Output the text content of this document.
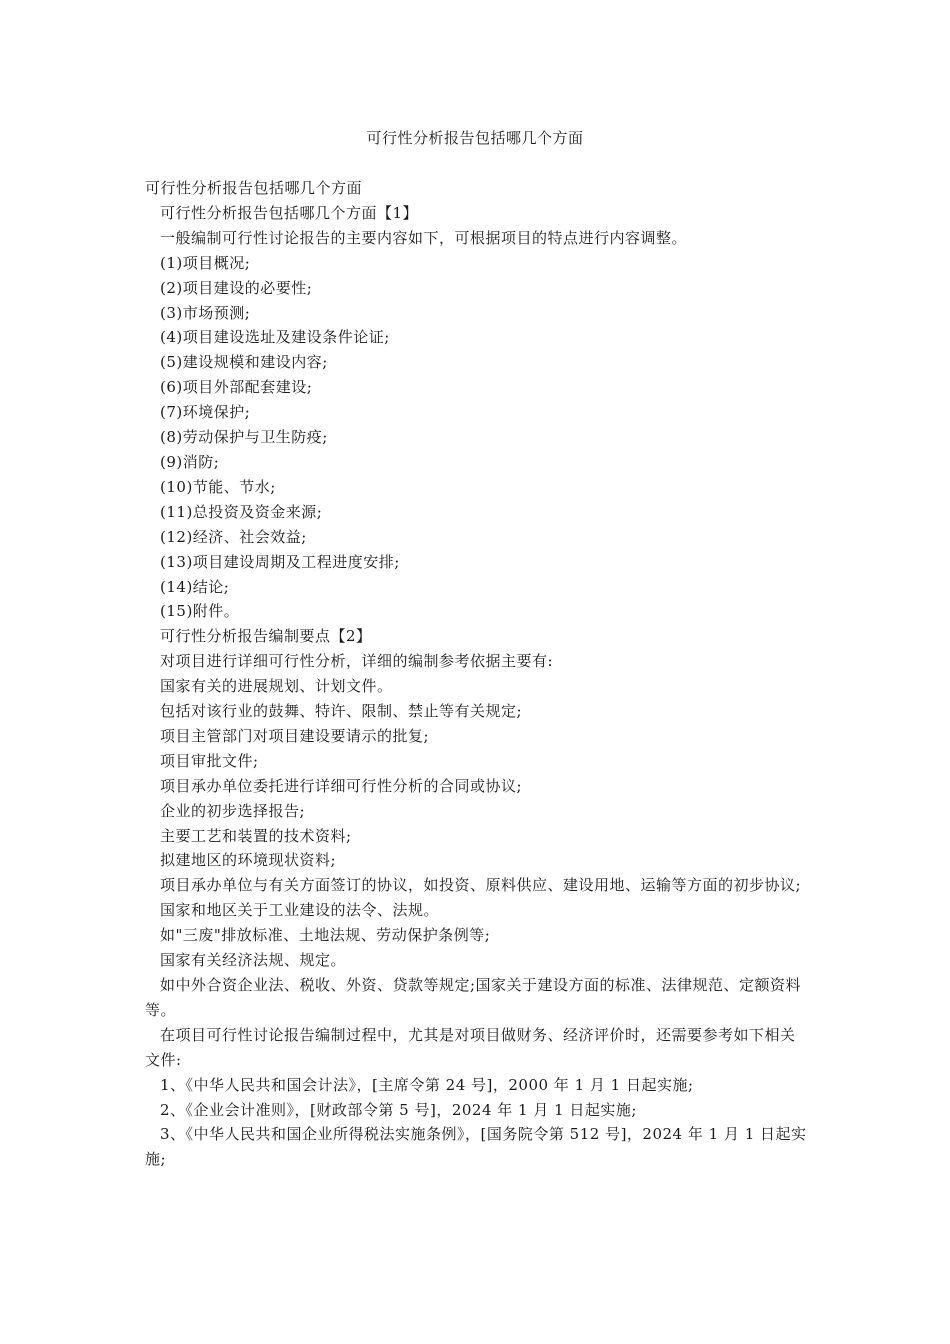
可行性分析报告包括哪几个方面

可行性分析报告包括哪几个方面

可行性分析报告包括哪几个方面【1】

一般编制可行性讨论报告的主要内容如下，可根据项目的特点进行内容调整。

(1)项目概况;

(2)项目建设的必要性;

(3)市场预测;

(4)项目建设选址及建设条件论证;

(5)建设规模和建设内容;

(6)项目外部配套建设;

(7)环境保护;

(8)劳动保护与卫生防疫;

(9)消防;

(10)节能、节水;

(11)总投资及资金来源;

(12)经济、社会效益;

(13)项目建设周期及工程进度安排;

(14)结论;

(15)附件。

可行性分析报告编制要点【2】

对项目进行详细可行性分析，详细的编制参考依据主要有:

国家有关的进展规划、计划文件。

包括对该行业的鼓舞、特许、限制、禁止等有关规定;

项目主管部门对项目建设要请示的批复;

项目审批文件;

项目承办单位委托进行详细可行性分析的合同或协议;

企业的初步选择报告;

主要工艺和装置的技术资料;

拟建地区的环境现状资料;

项目承办单位与有关方面签订的协议，如投资、原料供应、建设用地、运输等方面的初步协议;

国家和地区关于工业建设的法令、法规。

如"三废"排放标准、土地法规、劳动保护条例等;

国家有关经济法规、规定。

如中外合资企业法、税收、外资、贷款等规定;国家关于建设方面的标准、法律规范、定额资料等。

在项目可行性讨论报告编制过程中，尤其是对项目做财务、经济评价时，还需要参考如下相关文件:

1、《中华人民共和国会计法》，[主席令第 24 号]，2000 年 1 月 1 日起实施;

2、《企业会计准则》，[财政部令第 5 号]，2024 年 1 月 1 日起实施;

3、《中华人民共和国企业所得税法实施条例》，[国务院令第 512 号]，2024 年 1 月 1 日起实施;
